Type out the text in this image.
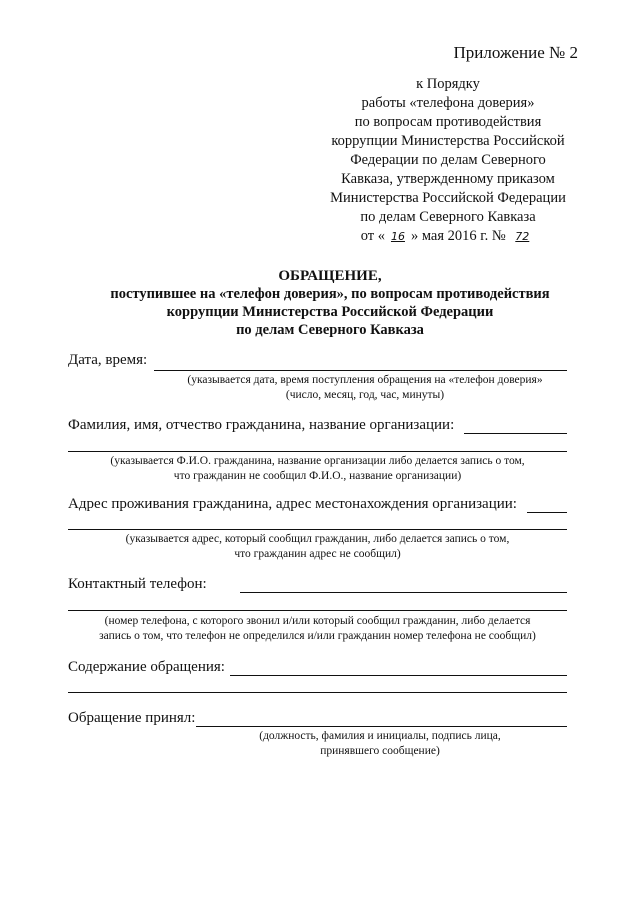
Приложение № 2
к Порядку
работы «телефона доверия»
по вопросам противодействия
коррупции Министерства Российской
Федерации по делам Северного
Кавказа, утвержденному приказом
Министерства Российской Федерации
по делам Северного Кавказа
от « 16 » мая 2016 г. № 72
ОБРАЩЕНИЕ,
поступившее на «телефон доверия», по вопросам противодействия
коррупции Министерства Российской Федерации
по делам Северного Кавказа
Дата, время:
(указывается дата, время поступления обращения на «телефон доверия»
(число, месяц, год, час, минуты)
Фамилия, имя, отчество гражданина, название организации:
(указывается Ф.И.О. гражданина, название организации либо делается запись о том,
что гражданин не сообщил Ф.И.О., название организации)
Адрес проживания гражданина, адрес местонахождения организации:
(указывается адрес, который сообщил гражданин, либо делается запись о том,
что гражданин адрес не сообщил)
Контактный телефон:
(номер телефона, с которого звонил и/или который сообщил гражданин, либо делается
запись о том, что телефон не определился и/или гражданин номер телефона не сообщил)
Содержание обращения:
Обращение принял:
(должность, фамилия и инициалы, подпись лица,
принявшего сообщение)
